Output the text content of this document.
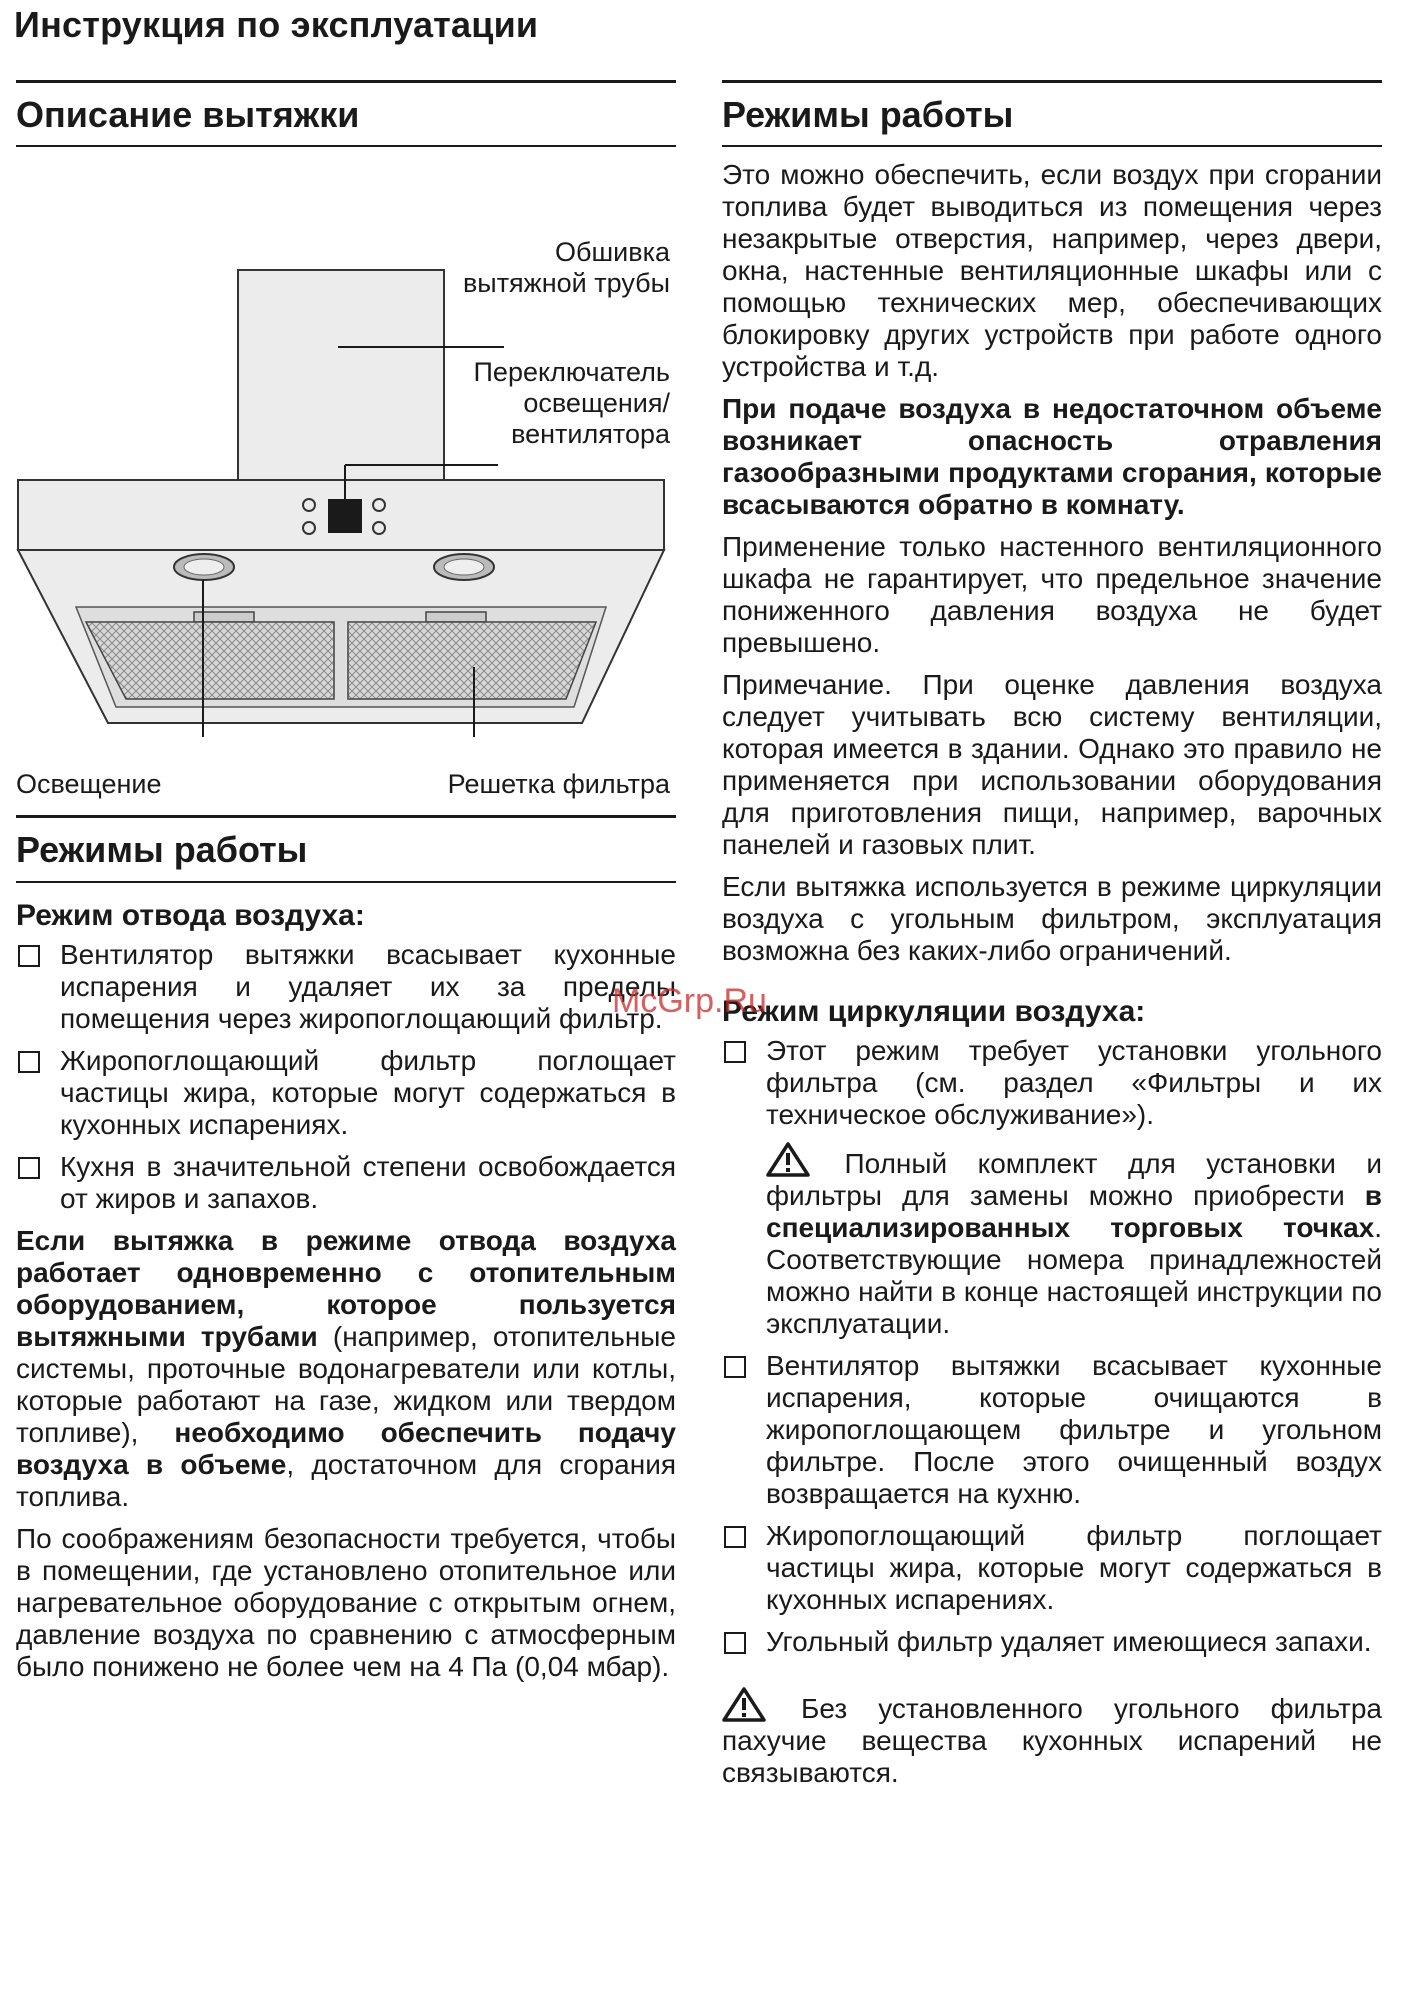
Инструкция по эксплуатации
Описание вытяжки
Обшивка вытяжной трубы
Переключатель освещения/ вентилятора
Освещение	Решетка фильтра
Режимы работы
Режим отвода воздуха:
Вентилятор вытяжки всасывает кухонные испарения и удаляет их за пределы помещения через жиропоглощающий фильтр.
Жиропоглощающий фильтр поглощает частицы жира, которые могут содержаться в кухонных испарениях.
Кухня в значительной степени освобождается от жиров и запахов.

Если вытяжка в режиме отвода воздуха работает одновременно с отопительным оборудованием, которое пользуется вытяжными трубами (например, отопительные системы, проточные водонагреватели или котлы, которые работают на газе, жидком или твердом топливе), необходимо обеспечить подачу воздуха в объеме, достаточном для сгорания топлива.

По соображениям безопасности требуется, чтобы в помещении, где установлено отопительное или нагревательное оборудование с открытым огнем, давление воздуха по сравнению с атмосферным было понижено не более чем на 4 Па (0,04 мбар).

Режимы работы

Это можно обеспечить, если воздух при сгорании топлива будет выводиться из помещения через незакрытые отверстия, например, через двери, окна, настенные вентиляционные шкафы или с помощью технических мер, обеспечивающих блокировку других устройств при работе одного устройства и т.д.

При подаче воздуха в недостаточном объеме возникает опасность отравления газообразными продуктами сгорания, которые всасываются обратно в комнату.

Применение только настенного вентиляционного шкафа не гарантирует, что предельное значение пониженного давления воздуха не будет превышено.

Примечание. При оценке давления воздуха следует учитывать всю систему вентиляции, которая имеется в здании. Однако это правило не применяется при использовании оборудования для приготовления пищи, например, варочных панелей и газовых плит.

Если вытяжка используется в режиме циркуляции воздуха с угольным фильтром, эксплуатация возможна без каких-либо ограничений.

Режим циркуляции воздуха:
Этот режим требует установки угольного фильтра (см. раздел «Фильтры и их техническое обслуживание»).

Полный комплект для установки и фильтры для замены можно приобрести в специализированных торговых точках. Соответствующие номера принадлежностей можно найти в конце настоящей инструкции по эксплуатации.

Вентилятор вытяжки всасывает кухонные испарения, которые очищаются в жиропоглощающем фильтре и угольном фильтре. После этого очищенный воздух возвращается на кухню.
Жиропоглощающий фильтр поглощает частицы жира, которые могут содержаться в кухонных испарениях.
Угольный фильтр удаляет имеющиеся запахи.

Без установленного угольного фильтра пахучие вещества кухонных испарений не связываются.

McGrp.Ru
